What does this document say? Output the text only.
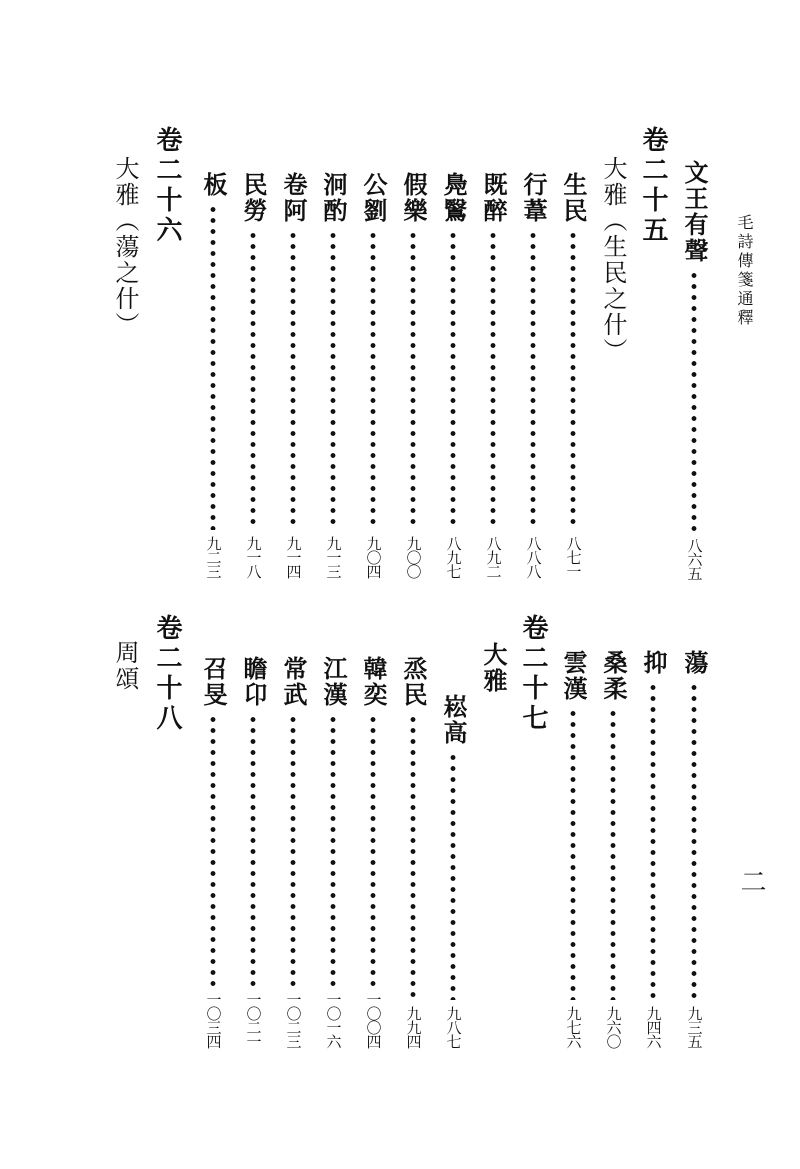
毛詩傳箋通釋
二
文王有聲
八六五
卷二十五
大雅（生民之什）
生民
八七一
行葦
八八八
既醉
八九二
鳧鷖
八九七
假樂
九〇〇
公劉
九〇四
泂酌
九一三
卷阿
九一四
民勞
九一八
板
九二三
卷二十六
大雅（蕩之什）
蕩
九三五
抑
九四六
桑柔
九六〇
雲漢
九七六
卷二十七
大雅
崧高
九八七
烝民
九九四
韓奕
一〇〇四
江漢
一〇一六
常武
一〇二三
瞻卬
一〇二一
召旻
一〇三四
卷二十八
周頌
